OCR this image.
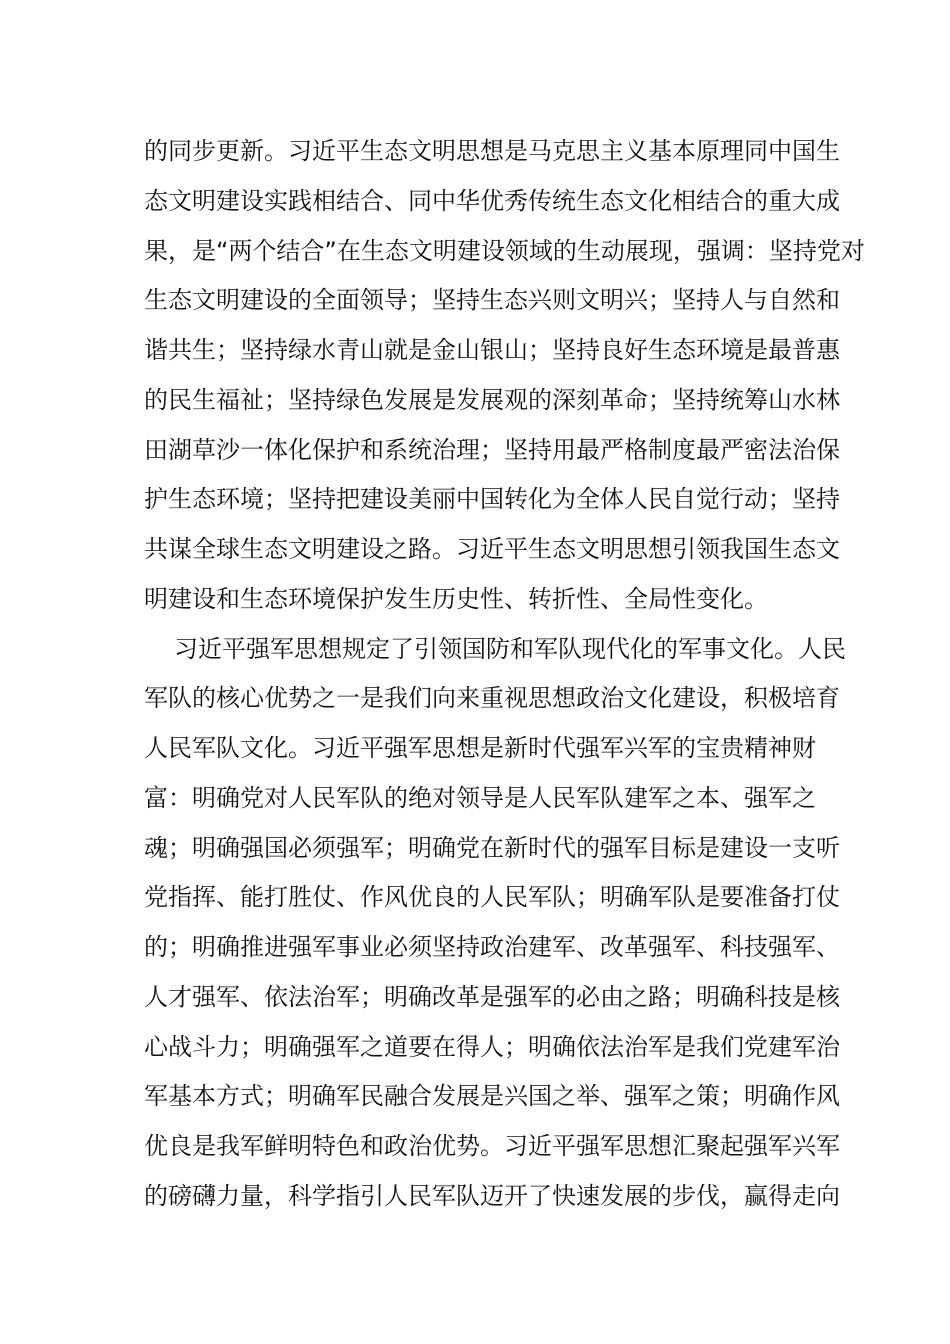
的同步更新。习近平生态文明思想是马克思主义基本原理同中国生
态文明建设实践相结合、同中华优秀传统生态文化相结合的重大成
果，是“两个结合”在生态文明建设领域的生动展现，强调：坚持党对
生态文明建设的全面领导；坚持生态兴则文明兴；坚持人与自然和
谐共生；坚持绿水青山就是金山银山；坚持良好生态环境是最普惠
的民生福祉；坚持绿色发展是发展观的深刻革命；坚持统筹山水林
田湖草沙一体化保护和系统治理；坚持用最严格制度最严密法治保
护生态环境；坚持把建设美丽中国转化为全体人民自觉行动；坚持
共谋全球生态文明建设之路。习近平生态文明思想引领我国生态文
明建设和生态环境保护发生历史性、转折性、全局性变化。
习近平强军思想规定了引领国防和军队现代化的军事文化。人民
军队的核心优势之一是我们向来重视思想政治文化建设，积极培育
人民军队文化。习近平强军思想是新时代强军兴军的宝贵精神财
富：明确党对人民军队的绝对领导是人民军队建军之本、强军之
魂；明确强国必须强军；明确党在新时代的强军目标是建设一支听
党指挥、能打胜仗、作风优良的人民军队；明确军队是要准备打仗
的；明确推进强军事业必须坚持政治建军、改革强军、科技强军、
人才强军、依法治军；明确改革是强军的必由之路；明确科技是核
心战斗力；明确强军之道要在得人；明确依法治军是我们党建军治
军基本方式；明确军民融合发展是兴国之举、强军之策；明确作风
优良是我军鲜明特色和政治优势。习近平强军思想汇聚起强军兴军
的磅礴力量，科学指引人民军队迈开了快速发展的步伐，赢得走向
